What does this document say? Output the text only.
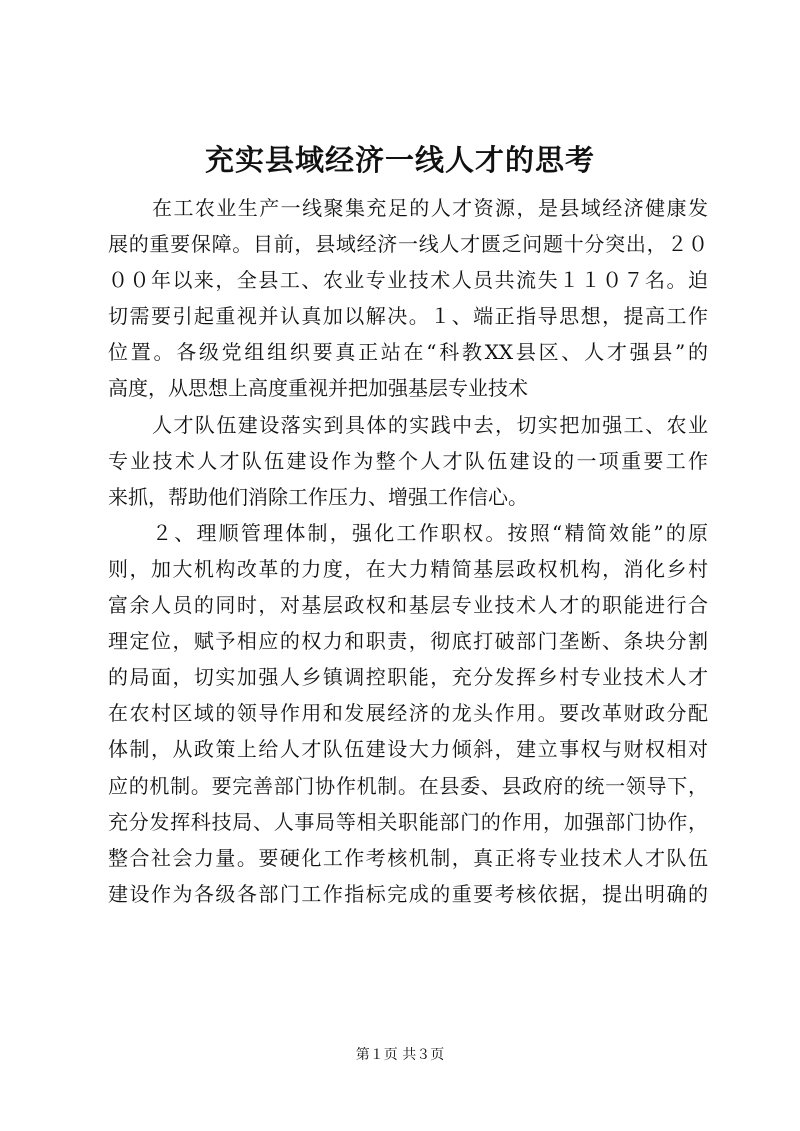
充实县域经济一线人才的思考
在工农业生产一线聚集充足的人才资源，是县域经济健康发
展的重要保障。目前，县域经济一线人才匮乏问题十分突出，２０
００年以来，全县工、农业专业技术人员共流失１１０７名。迫
切需要引起重视并认真加以解决。１、端正指导思想，提高工作
位置。各级党组组织要真正站在“科教XX县区、人才强县”的
高度，从思想上高度重视并把加强基层专业技术
人才队伍建设落实到具体的实践中去，切实把加强工、农业
专业技术人才队伍建设作为整个人才队伍建设的一项重要工作
来抓，帮助他们消除工作压力、增强工作信心。
２、理顺管理体制，强化工作职权。按照“精简效能”的原
则，加大机构改革的力度，在大力精简基层政权机构，消化乡村
富余人员的同时，对基层政权和基层专业技术人才的职能进行合
理定位，赋予相应的权力和职责，彻底打破部门垄断、条块分割
的局面，切实加强人乡镇调控职能，充分发挥乡村专业技术人才
在农村区域的领导作用和发展经济的龙头作用。要改革财政分配
体制，从政策上给人才队伍建设大力倾斜，建立事权与财权相对
应的机制。要完善部门协作机制。在县委、县政府的统一领导下，
充分发挥科技局、人事局等相关职能部门的作用，加强部门协作，
整合社会力量。要硬化工作考核机制，真正将专业技术人才队伍
建设作为各级各部门工作指标完成的重要考核依据，提出明确的
第１页 共３页
